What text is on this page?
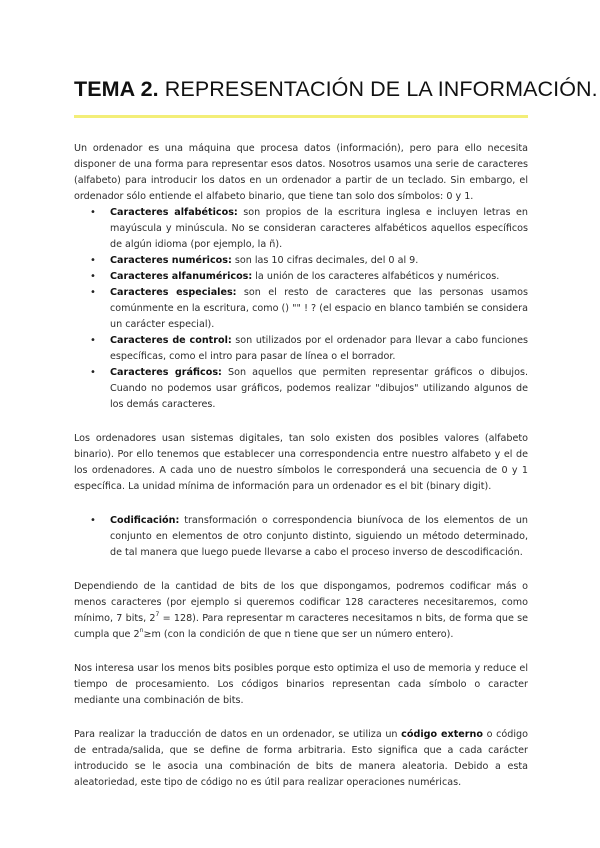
TEMA 2. REPRESENTACIÓN DE LA INFORMACIÓN.

Un ordenador es una máquina que procesa datos (información), pero para ello necesita disponer de una forma para representar esos datos. Nosotros usamos una serie de caracteres (alfabeto) para introducir los datos en un ordenador a partir de un teclado. Sin embargo, el ordenador sólo entiende el alfabeto binario, que tiene tan solo dos símbolos: 0 y 1.

• Caracteres alfabéticos: son propios de la escritura inglesa e incluyen letras en mayúscula y minúscula. No se consideran caracteres alfabéticos aquellos específicos de algún idioma (por ejemplo, la ñ).
• Caracteres numéricos: son las 10 cifras decimales, del 0 al 9.
• Caracteres alfanuméricos: la unión de los caracteres alfabéticos y numéricos.
• Caracteres especiales: son el resto de caracteres que las personas usamos comúnmente en la escritura, como () "" ! ? (el espacio en blanco también se considera un carácter especial).
• Caracteres de control: son utilizados por el ordenador para llevar a cabo funciones específicas, como el intro para pasar de línea o el borrador.
• Caracteres gráficos: Son aquellos que permiten representar gráficos o dibujos. Cuando no podemos usar gráficos, podemos realizar "dibujos" utilizando algunos de los demás caracteres.

Los ordenadores usan sistemas digitales, tan solo existen dos posibles valores (alfabeto binario). Por ello tenemos que establecer una correspondencia entre nuestro alfabeto y el de los ordenadores. A cada uno de nuestro símbolos le corresponderá una secuencia de 0 y 1 específica. La unidad mínima de información para un ordenador es el bit (binary digit).

• Codificación: transformación o correspondencia biunívoca de los elementos de un conjunto en elementos de otro conjunto distinto, siguiendo un método determinado, de tal manera que luego puede llevarse a cabo el proceso inverso de descodificación.

Dependiendo de la cantidad de bits de los que dispongamos, podremos codificar más o menos caracteres (por ejemplo si queremos codificar 128 caracteres necesitaremos, como mínimo, 7 bits, $2^7 = 128$). Para representar m caracteres necesitamos n bits, de forma que se cumpla que $2^n\ge m$ (con la condición de que n tiene que ser un número entero).

Nos interesa usar los menos bits posibles porque esto optimiza el uso de memoria y reduce el tiempo de procesamiento. Los códigos binarios representan cada símbolo o caracter mediante una combinación de bits.

Para realizar la traducción de datos en un ordenador, se utiliza un código externo o código de entrada/salida, que se define de forma arbitraria. Esto significa que a cada carácter introducido se le asocia una combinación de bits de manera aleatoria. Debido a esta aleatoriedad, este tipo de código no es útil para realizar operaciones numéricas.
